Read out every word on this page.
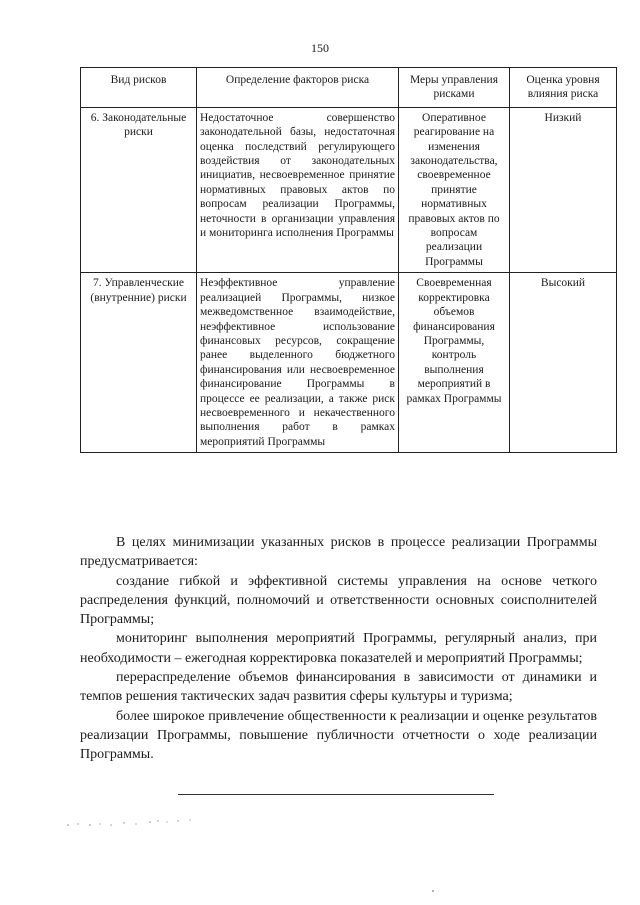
150
Вид рисков	Определение факторов риска	Меры управления рисками	Оценка уровня влияния риска
6. Законодательные риски	Недостаточное совершенство законодательной базы, недостаточная оценка последствий регулирующего воздействия от законодательных инициатив, несвоевременное принятие нормативных правовых актов по вопросам реализации Программы, неточности в организации управления и мониторинга исполнения Программы	Оперативное реагирование на изменения законодательства, своевременное принятие нормативных правовых актов по вопросам реализации Программы	Низкий
7. Управленческие (внутренние) риски	Неэффективное управление реализацией Программы, низкое межведомственное взаимодействие, неэффективное использование финансовых ресурсов, сокращение ранее выделенного бюджетного финансирования или несвоевременное финансирование Программы в процессе ее реализации, а также риск несвоевременного и некачественного выполнения работ в рамках мероприятий Программы	Своевременная корректировка объемов финансирования Программы, контроль выполнения мероприятий в рамках Программы	Высокий

В целях минимизации указанных рисков в процессе реализации Программы предусматривается:

создание гибкой и эффективной системы управления на основе четкого распределения функций, полномочий и ответственности основных соисполнителей Программы;

мониторинг выполнения мероприятий Программы, регулярный анализ, при необходимости – ежегодная корректировка показателей и мероприятий Программы;

перераспределение объемов финансирования в зависимости от динамики и темпов решения тактических задач развития сферы культуры и туризма;

более широкое привлечение общественности к реализации и оценке результатов реализации Программы, повышение публичности отчетности о ходе реализации Программы.
